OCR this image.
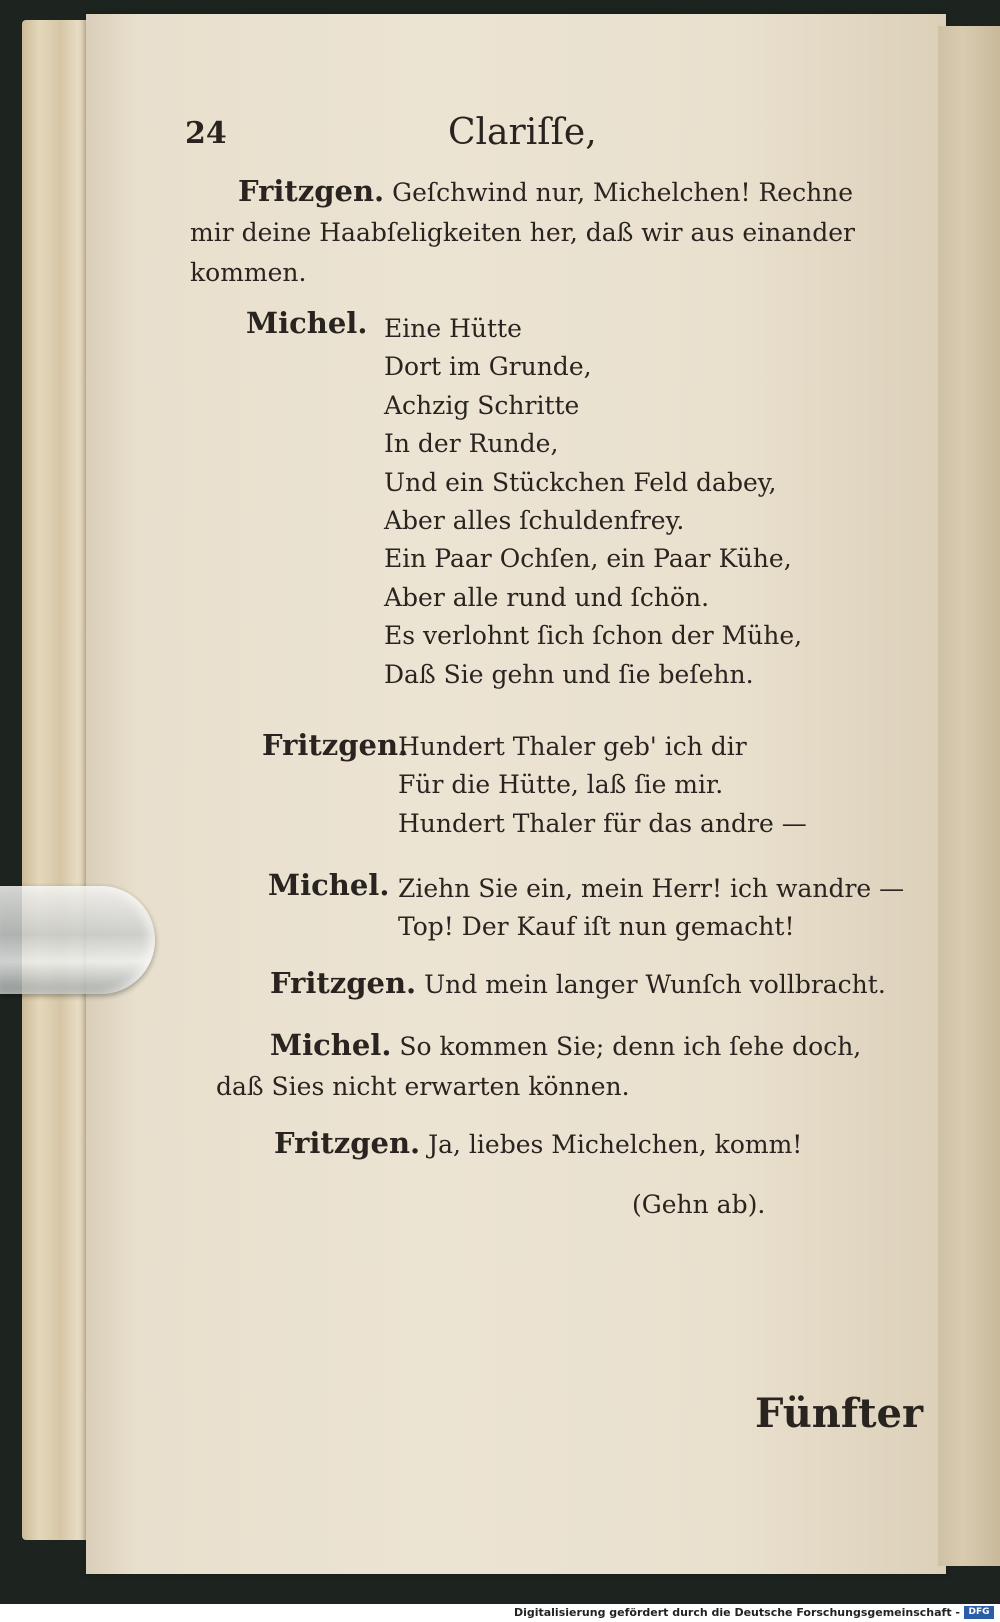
24	Clariſſe,
Fritzgen. Geſchwind nur, Michelchen! Rechne
mir deine Haabſeligkeiten her, daß wir aus einander
kommen.
Michel. Eine Hütte
Dort im Grunde,
Achzig Schritte
In der Runde,
Und ein Stückchen Feld dabey,
Aber alles ſchuldenfrey.
Ein Paar Ochſen, ein Paar Kühe,
Aber alle rund und ſchön.
Es verlohnt ſich ſchon der Mühe,
Daß Sie gehn und ſie beſehn.
Fritzgen.
Hundert Thaler geb' ich dir
Für die Hütte, laß ſie mir.
Hundert Thaler für das andre —
Michel. Ziehn Sie ein, mein Herr! ich wandre —
Top! Der Kauf iſt nun gemacht!
Fritzgen. Und mein langer Wunſch vollbracht.
Michel. So kommen Sie; denn ich ſehe doch,
daß Sies nicht erwarten können.
Fritzgen. Ja, liebes Michelchen, komm!
(Gehn ab).
Fünfter
Digitalisierung gefördert durch die Deutsche Forschungsgemeinschaft - DFG
